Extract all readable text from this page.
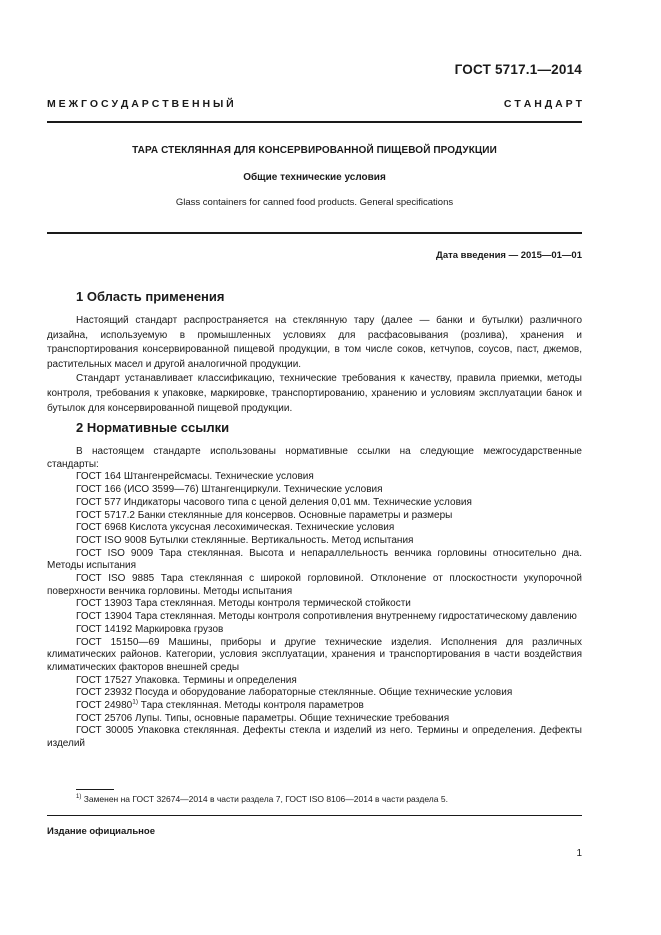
ГОСТ 5717.1—2014
М Е Ж Г О С У Д А Р С Т В Е Н Н Ы Й	С Т А Н Д А Р Т
ТАРА СТЕКЛЯННАЯ ДЛЯ КОНСЕРВИРОВАННОЙ ПИЩЕВОЙ ПРОДУКЦИИ
Общие технические условия
Glass containers for canned food products. General specifications
Дата введения — 2015—01—01
1 Область применения

Настоящий стандарт распространяется на стеклянную тару (далее — банки и бутылки) различного дизайна, используемую в промышленных условиях для расфасовывания (розлива), хранения и транспортирования консервированной пищевой продукции, в том числе соков, кетчупов, соусов, паст, джемов, растительных масел и другой аналогичной продукции.

Стандарт устанавливает классификацию, технические требования к качеству, правила приемки, методы контроля, требования к упаковке, маркировке, транспортированию, хранению и условиям эксплуатации банок и бутылок для консервированной пищевой продукции.

2 Нормативные ссылки

В настоящем стандарте использованы нормативные ссылки на следующие межгосударственные стандарты:

ГОСТ 164 Штангенрейсмасы. Технические условия

ГОСТ 166 (ИСО 3599—76) Штангенциркули. Технические условия

ГОСТ 577 Индикаторы часового типа с ценой деления 0,01 мм. Технические условия

ГОСТ 5717.2 Банки стеклянные для консервов. Основные параметры и размеры

ГОСТ 6968 Кислота уксусная лесохимическая. Технические условия

ГОСТ ISO 9008 Бутылки стеклянные. Вертикальность. Метод испытания

ГОСТ ISO 9009 Тара стеклянная. Высота и непараллельность венчика горловины относительно дна. Методы испытания

ГОСТ ISO 9885 Тара стеклянная с широкой горловиной. Отклонение от плоскостности укупорочной поверхности венчика горловины. Методы испытания

ГОСТ 13903 Тара стеклянная. Методы контроля термической стойкости

ГОСТ 13904 Тара стеклянная. Методы контроля сопротивления внутреннему гидростатическому давлению

ГОСТ 14192 Маркировка грузов

ГОСТ 15150—69 Машины, приборы и другие технические изделия. Исполнения для различных климатических районов. Категории, условия эксплуатации, хранения и транспортирования в части воздействия климатических факторов внешней среды

ГОСТ 17527 Упаковка. Термины и определения

ГОСТ 23932 Посуда и оборудование лабораторные стеклянные. Общие технические условия

ГОСТ 24980$^{1)}$ Тара стеклянная. Методы контроля параметров

ГОСТ 25706 Лупы. Типы, основные параметры. Общие технические требования

ГОСТ 30005 Упаковка стеклянная. Дефекты стекла и изделий из него. Термины и определения. Дефекты изделий

$^{1)}$ Заменен на ГОСТ 32674—2014 в части раздела 7, ГОСТ ISO 8106—2014 в части раздела 5.
Издание официальное
1
